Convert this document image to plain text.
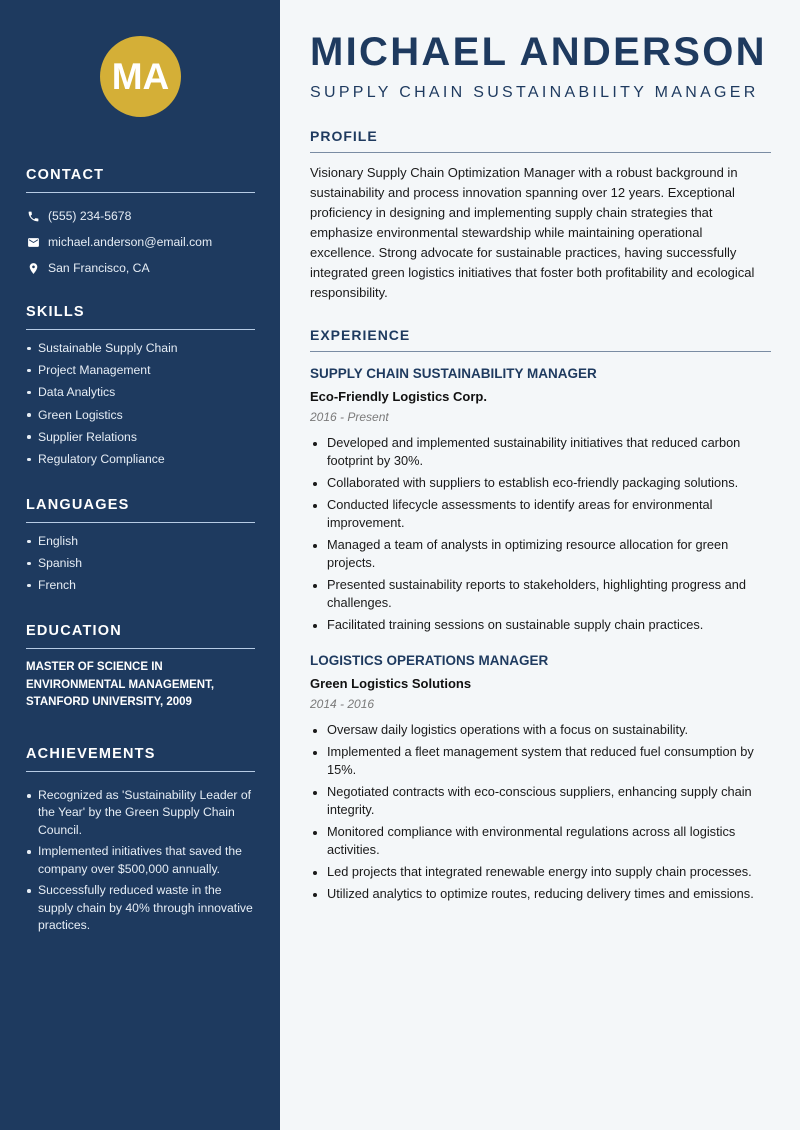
MA
CONTACT
(555) 234-5678
michael.anderson@email.com
San Francisco, CA
SKILLS
Sustainable Supply Chain
Project Management
Data Analytics
Green Logistics
Supplier Relations
Regulatory Compliance
LANGUAGES
English
Spanish
French
EDUCATION

MASTER OF SCIENCE IN ENVIRONMENTAL MANAGEMENT, STANFORD UNIVERSITY, 2009

ACHIEVEMENTS
Recognized as 'Sustainability Leader of the Year' by the Green Supply Chain Council.
Implemented initiatives that saved the company over $500,000 annually.
Successfully reduced waste in the supply chain by 40% through innovative practices.
MICHAEL ANDERSON
SUPPLY CHAIN SUSTAINABILITY MANAGER
PROFILE

Visionary Supply Chain Optimization Manager with a robust background in sustainability and process innovation spanning over 12 years. Exceptional proficiency in designing and implementing supply chain strategies that emphasize environmental stewardship while maintaining operational excellence. Strong advocate for sustainable practices, having successfully integrated green logistics initiatives that foster both profitability and ecological responsibility.

EXPERIENCE
SUPPLY CHAIN SUSTAINABILITY MANAGER
Eco-Friendly Logistics Corp.
2016 - Present
Developed and implemented sustainability initiatives that reduced carbon footprint by 30%.
Collaborated with suppliers to establish eco-friendly packaging solutions.
Conducted lifecycle assessments to identify areas for environmental improvement.
Managed a team of analysts in optimizing resource allocation for green projects.
Presented sustainability reports to stakeholders, highlighting progress and challenges.
Facilitated training sessions on sustainable supply chain practices.
LOGISTICS OPERATIONS MANAGER
Green Logistics Solutions
2014 - 2016
Oversaw daily logistics operations with a focus on sustainability.
Implemented a fleet management system that reduced fuel consumption by 15%.
Negotiated contracts with eco-conscious suppliers, enhancing supply chain integrity.
Monitored compliance with environmental regulations across all logistics activities.
Led projects that integrated renewable energy into supply chain processes.
Utilized analytics to optimize routes, reducing delivery times and emissions.
